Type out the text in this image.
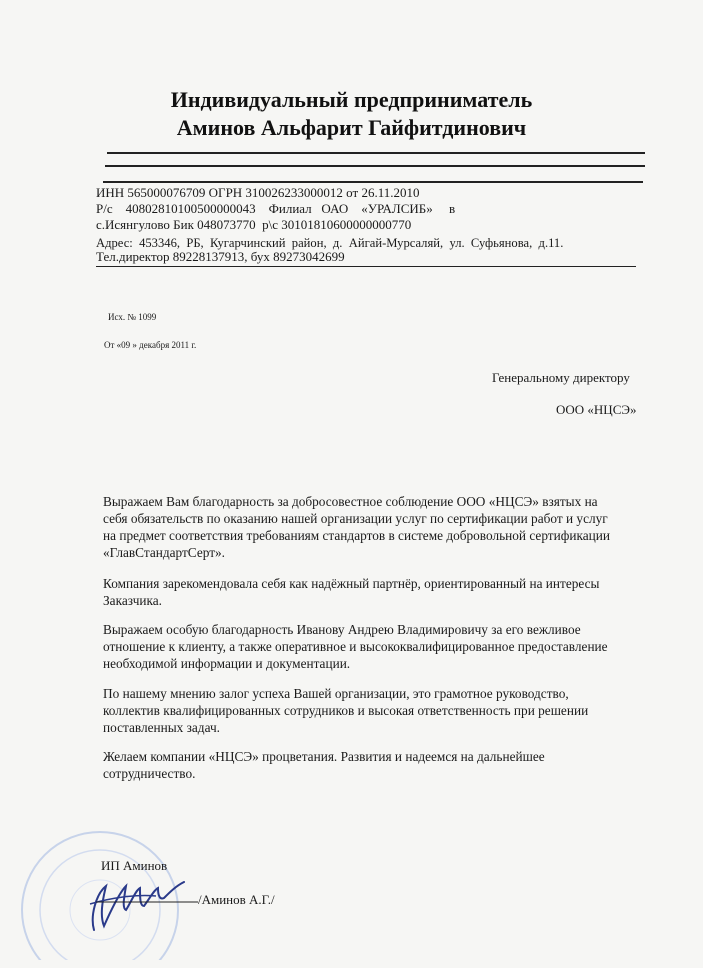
Индивидуальный предприниматель
Аминов Альфарит Гайфитдинович
ИНН 565000076709 ОГРН 310026233000012 от 26.11.2010
Р/с    40802810100500000043    Филиал   ОАО    «УРАЛСИБ»     в
с.Исянгулово Бик 048073770  р\с 30101810600000000770
Адрес:  453346,  РБ,  Кугарчинский  район,  д.  Айгай-Мурсаляй,  ул.  Суфьянова,  д.11.
Тел.директор 89228137913, бух 89273042699
Исх. № 1099
От «09 » декабря 2011 г.
Генеральному директору
ООО «НЦСЭ»
Выражаем Вам благодарность за добросовестное соблюдение ООО «НЦСЭ» взятых на
себя обязательств по оказанию нашей организации услуг по сертификации работ и услуг
на предмет соответствия требованиям стандартов в системе добровольной сертификации
«ГлавСтандартСерт».
Компания зарекомендовала себя как надёжный партнёр, ориентированный на интересы
Заказчика.
Выражаем особую благодарность Иванову Андрею Владимировичу за его вежливое
отношение к клиенту, а также оперативное и высококвалифицированное предоставление
необходимой информации и документации.
По нашему мнению залог успеха Вашей организации, это грамотное руководство,
коллектив квалифицированных сотрудников и высокая ответственность при решении
поставленных задач.
Желаем компании «НЦСЭ» процветания. Развития и надеемся на дальнейшее
сотрудничество.
ИП Аминов
/Аминов А.Г./
